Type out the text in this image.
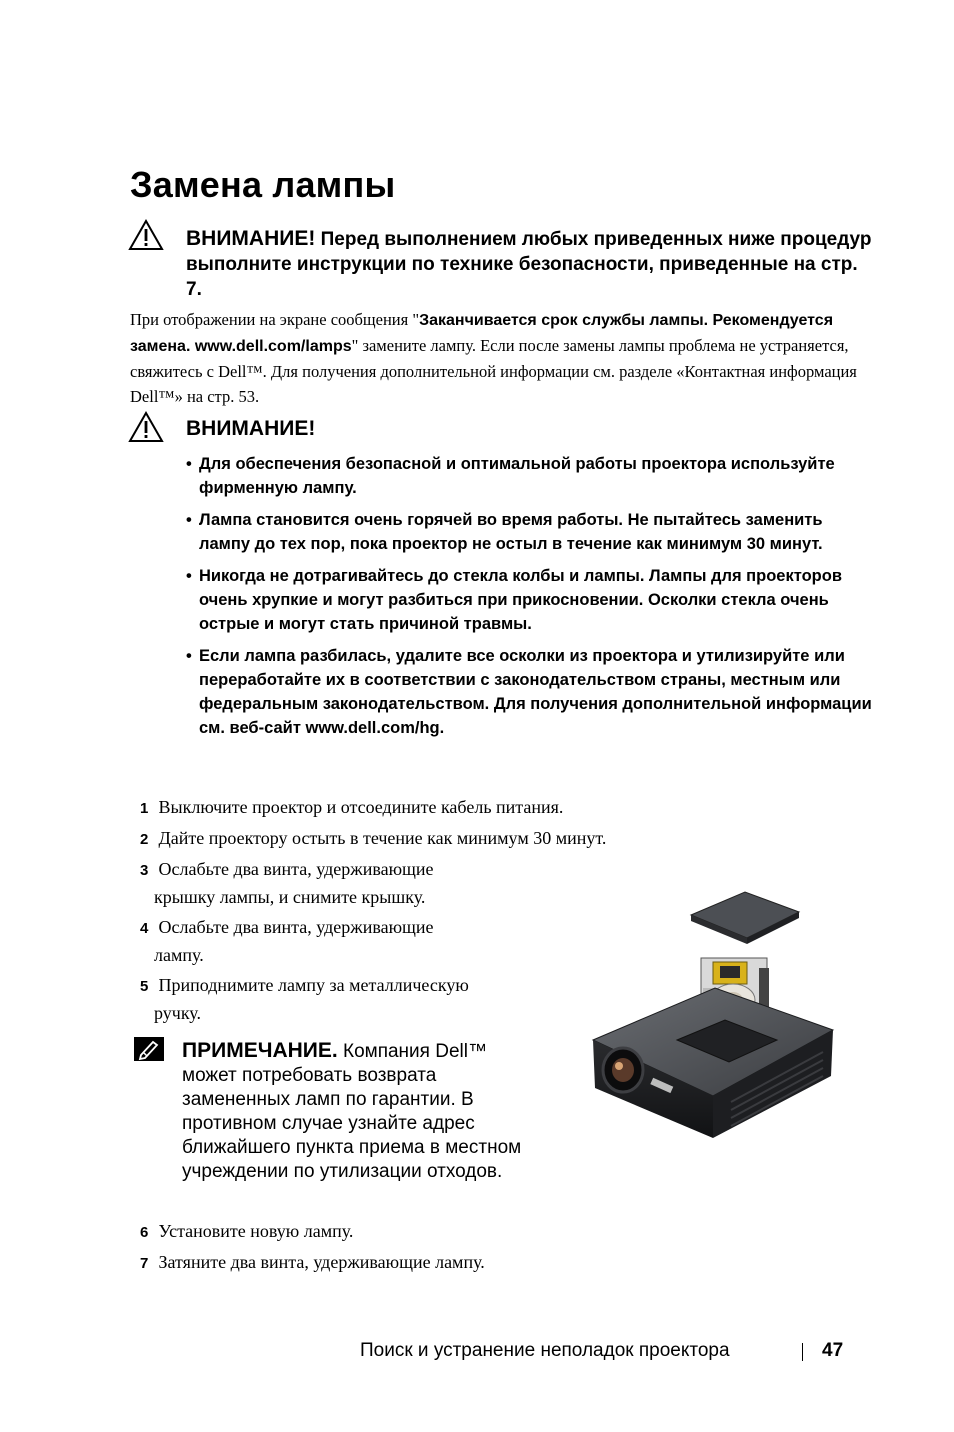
Замена лампы
ВНИМАНИЕ! Перед выполнением любых приведенных ниже процедур выполните инструкции по технике безопасности, приведенные на стр. 7.
При отображении на экране сообщения "Заканчивается срок службы лампы. Рекомендуется замена. www.dell.com/lamps" замените лампу. Если после замены лампы проблема не устраняется, свяжитесь с Dell™. Для получения дополнительной информации см. разделе «Контактная информация Dell™» на стр. 53.
ВНИМАНИЕ!
• Для обеспечения безопасной и оптимальной работы проектора используйте фирменную лампу.
• Лампа становится очень горячей во время работы. Не пытайтесь заменить лампу до тех пор, пока проектор не остыл в течение как минимум 30 минут.
• Никогда не дотрагивайтесь до стекла колбы и лампы. Лампы для проекторов очень хрупкие и могут разбиться при прикосновении. Осколки стекла очень острые и могут стать причиной травмы.
• Если лампа разбилась, удалите все осколки из проектора и утилизируйте или переработайте их в соответствии с законодательством страны, местным или федеральным законодательством. Для получения дополнительной информации см. веб-сайт www.dell.com/hg.
1 Выключите проектор и отсоедините кабель питания.
2 Дайте проектору остыть в течение как минимум 30 минут.
3 Ослабьте два винта, удерживающие
крышку лампы, и снимите крышку.
4 Ослабьте два винта, удерживающие
лампу.
5 Приподнимите лампу за металлическую
ручку.
ПРИМЕЧАНИЕ. Компания Dell™ может потребовать возврата замененных ламп по гарантии. В противном случае узнайте адрес ближайшего пункта приема в местном учреждении по утилизации отходов.
6 Установите новую лампу.
7 Затяните два винта, удерживающие лампу.
Поиск и устранение неполадок проектора	47
